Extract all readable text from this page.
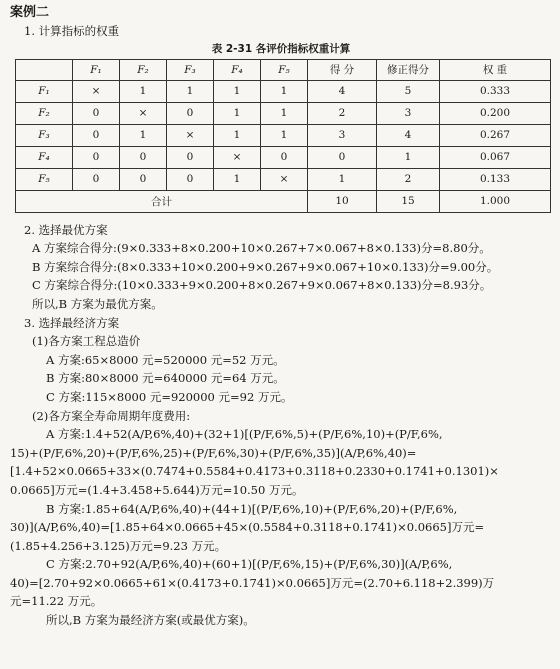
案例二

1. 计算指标的权重

表 2-31 各评价指标权重计算

	F₁	F₂	F₃	F₄	F₅	得 分	修正得分	权 重
F₁	×	1	1	1	1	4	5	0.333
F₂	0	×	0	1	1	2	3	0.200
F₃	0	1	×	1	1	3	4	0.267
F₄	0	0	0	×	0	0	1	0.067
F₅	0	0	0	1	×	1	2	0.133
合计						10	15	1.000

2. 选择最优方案

A 方案综合得分:(9×0.333+8×0.200+10×0.267+7×0.067+8×0.133)分=8.80分。

B 方案综合得分:(8×0.333+10×0.200+9×0.267+9×0.067+10×0.133)分=9.00分。

C 方案综合得分:(10×0.333+9×0.200+8×0.267+9×0.067+8×0.133)分=8.93分。

所以,B 方案为最优方案。

3. 选择最经济方案

(1)各方案工程总造价

A 方案:65×8000 元=520000 元=52 万元。

B 方案:80×8000 元=640000 元=64 万元。

C 方案:115×8000 元=920000 元=92 万元。

(2)各方案全寿命周期年度费用:

A 方案:1.4+52(A/P,6%,40)+(32+1)[(P/F,6%,5)+(P/F,6%,10)+(P/F,6%,

15)+(P/F,6%,20)+(P/F,6%,25)+(P/F,6%,30)+(P/F,6%,35)](A/P,6%,40)=

[1.4+52×0.0665+33×(0.7474+0.5584+0.4173+0.3118+0.2330+0.1741+0.1301)×

0.0665]万元=(1.4+3.458+5.644)万元=10.50 万元。

B 方案:1.85+64(A/P,6%,40)+(44+1)[(P/F,6%,10)+(P/F,6%,20)+(P/F,6%,

30)](A/P,6%,40)=[1.85+64×0.0665+45×(0.5584+0.3118+0.1741)×0.0665]万元=

(1.85+4.256+3.125)万元=9.23 万元。

C 方案:2.70+92(A/P,6%,40)+(60+1)[(P/F,6%,15)+(P/F,6%,30)](A/P,6%,

40)=[2.70+92×0.0665+61×(0.4173+0.1741)×0.0665]万元=(2.70+6.118+2.399)万

元=11.22 万元。

所以,B 方案为最经济方案(或最优方案)。
